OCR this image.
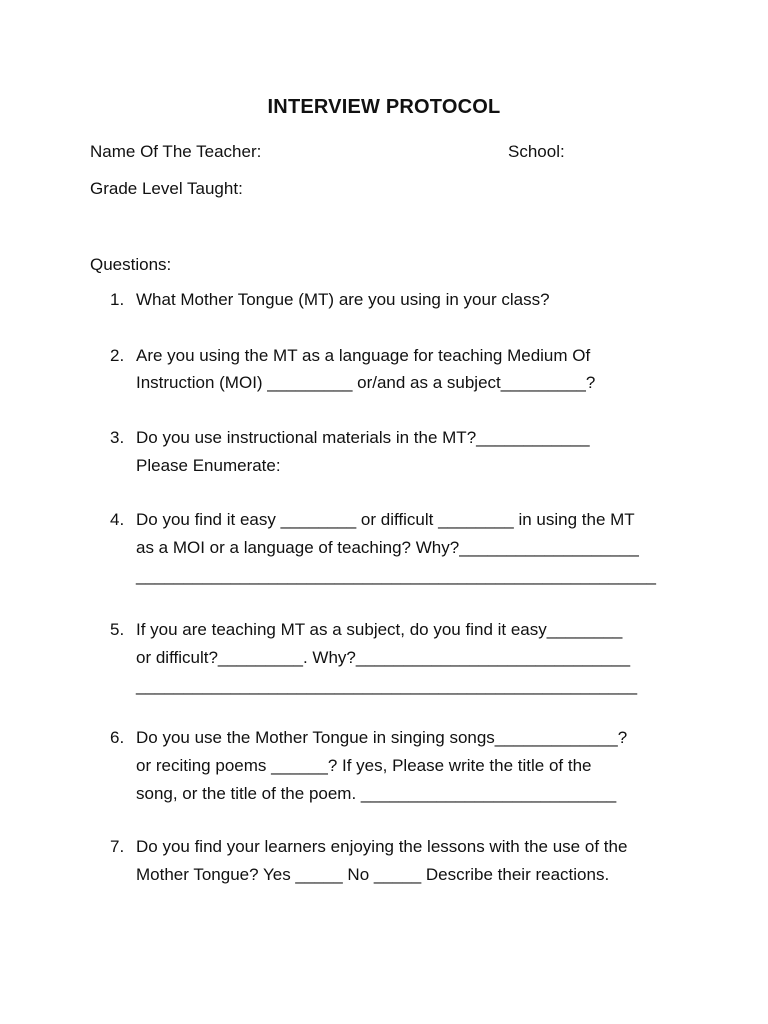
INTERVIEW PROTOCOL
Name Of The Teacher:	School:
Grade Level Taught:
Questions:
1. What Mother Tongue (MT) are you using in your class?
2. Are you using the MT as a language for teaching Medium Of
Instruction (MOI) _________ or/and as a subject_________?
3. Do you use instructional materials in the MT?____________
Please Enumerate:
4. Do you find it easy ________ or difficult ________ in using the MT
as a MOI or a language of teaching? Why?___________________
_______________________________________________________
5. If you are teaching MT as a subject, do you find it easy________
or difficult?_________. Why?_____________________________
_____________________________________________________
6. Do you use the Mother Tongue in singing songs_____________?
or reciting poems ______? If yes, Please write the title of the
song, or the title of the poem. ___________________________
7. Do you find your learners enjoying the lessons with the use of the
Mother Tongue? Yes _____ No _____ Describe their reactions.
